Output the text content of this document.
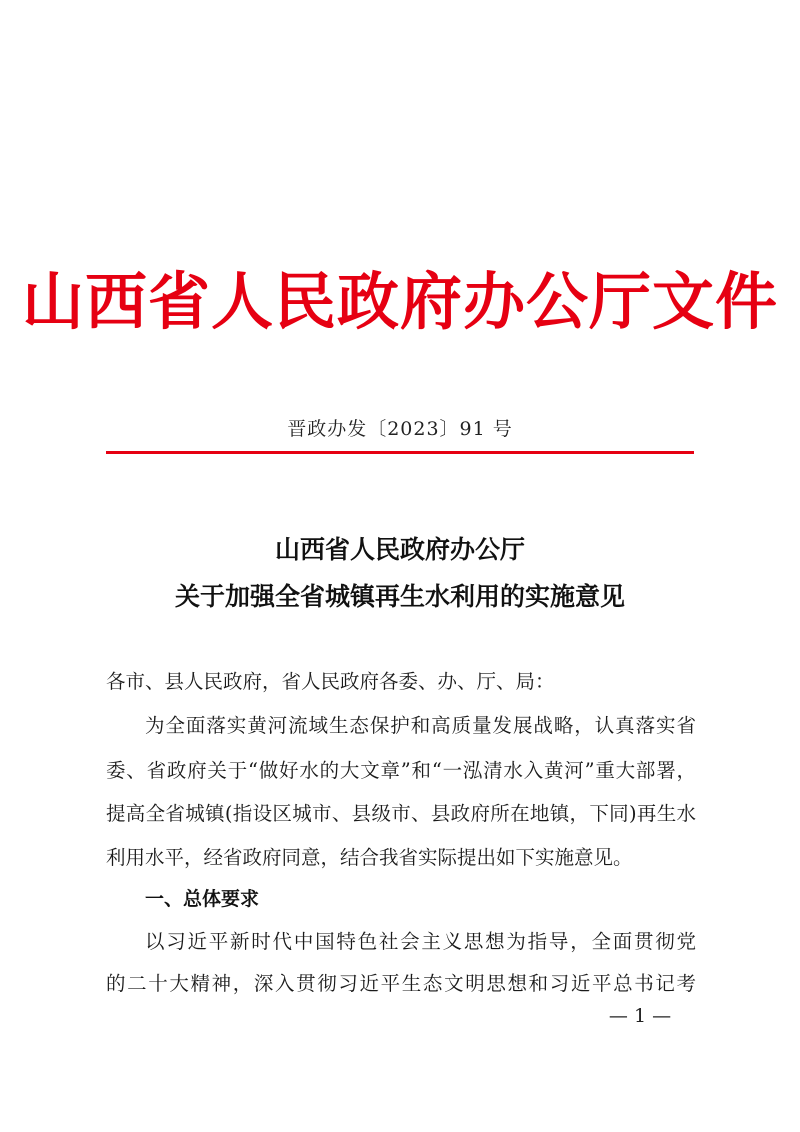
山西省人民政府办公厅文件
晋政办发〔2023〕91 号
山西省人民政府办公厅
关于加强全省城镇再生水利用的实施意见
各市、县人民政府，省人民政府各委、办、厅、局：
为全面落实黄河流域生态保护和高质量发展战略，认真落实省
委、省政府关于“做好水的大文章”和“一泓清水入黄河”重大部署，
提高全省城镇(指设区城市、县级市、县政府所在地镇，下同)再生水
利用水平，经省政府同意，结合我省实际提出如下实施意见。
一、总体要求
以习近平新时代中国特色社会主义思想为指导，全面贯彻党
的二十大精神，深入贯彻习近平生态文明思想和习近平总书记考
— 1 —
